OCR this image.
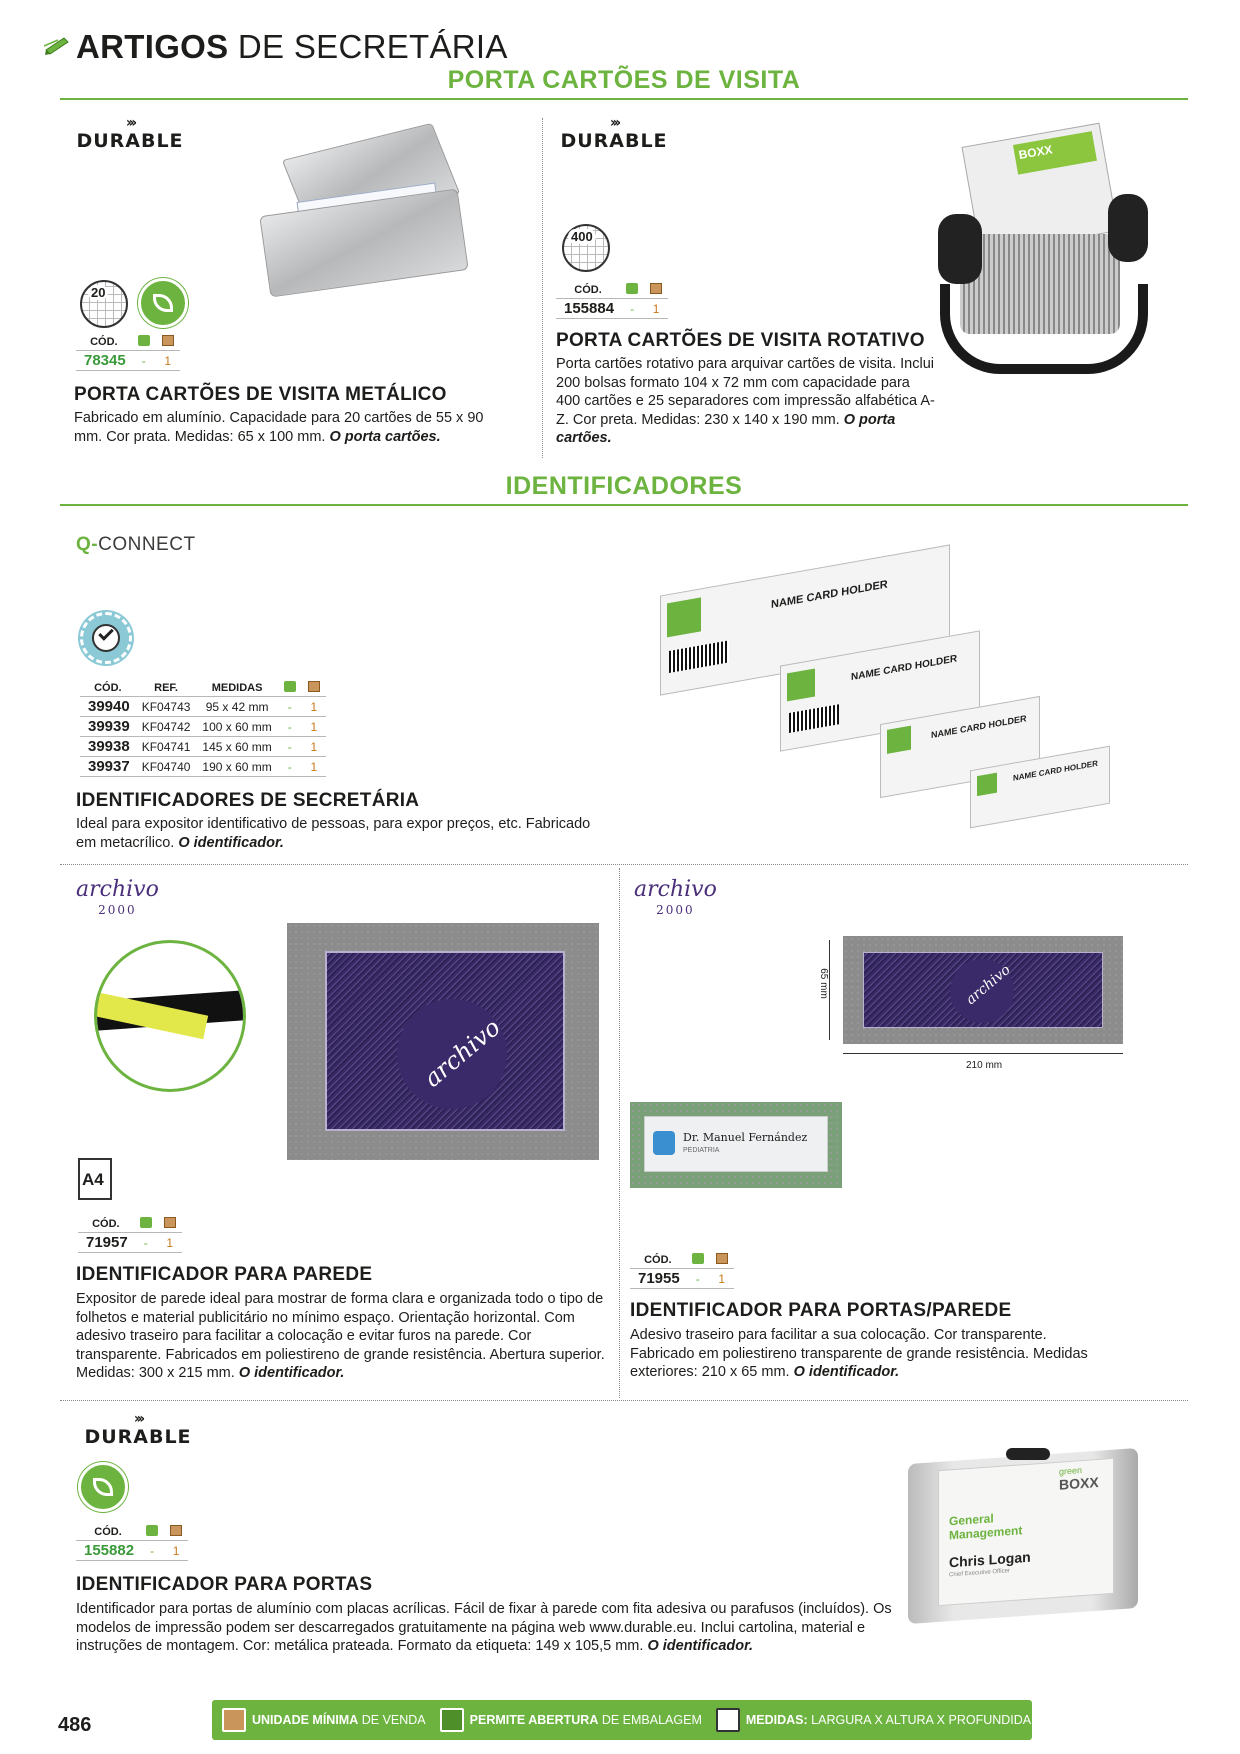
ARTIGOS DE SECRETÁRIA
PORTA CARTÕES DE VISITA
›››
DURABLE
20
CÓD.		
78345	-	1
PORTA CARTÕES DE VISITA METÁLICO
Fabricado em alumínio. Capacidade para 20 cartões de 55 x 90 mm. Cor prata. Medidas: 65 x 100 mm. O porta cartões.
›››
DURABLE
400
CÓD.		
155884	-	1
BOXX
PORTA CARTÕES DE VISITA ROTATIVO
Porta cartões rotativo para arquivar cartões de visita. Inclui 200 bolsas formato 104 x 72 mm com capacidade para 400 cartões e 25 separadores com impressão alfabética A-Z. Cor preta. Medidas: 230 x 140 x 190 mm. O porta cartões.
IDENTIFICADORES
Q-CONNECT
CÓD.	REF.	MEDIDAS		
39940	KF04743	95 x 42 mm	-	1
39939	KF04742	100 x 60 mm	-	1
39938	KF04741	145 x 60 mm	-	1
39937	KF04740	190 x 60 mm	-	1
NAME CARD HOLDER
NAME CARD HOLDER
NAME CARD HOLDER
NAME CARD HOLDER
IDENTIFICADORES DE SECRETÁRIA
Ideal para expositor identificativo de pessoas, para expor preços, etc. Fabricado em metacrílico. O identificador.
archivo
2000
archivo
A4
CÓD.		
71957	-	1
IDENTIFICADOR PARA PAREDE
Expositor de parede ideal para mostrar de forma clara e organizada todo o tipo de folhetos e material publicitário no mínimo espaço. Orientação horizontal. Com adesivo traseiro para facilitar a colocação e evitar furos na parede. Cor transparente. Fabricados em poliestireno de grande resistência. Abertura superior. Medidas: 300 x 215 mm. O identificador.
archivo
2000
archivo
65 mm
210 mm
Dr. Manuel Fernández
PEDIATRIA
CÓD.		
71955	-	1
IDENTIFICADOR PARA PORTAS/PAREDE
Adesivo traseiro para facilitar a sua colocação. Cor transparente. Fabricado em poliestireno transparente de grande resistência. Medidas exteriores: 210 x 65 mm. O identificador.
›››
DURABLE
CÓD.		
155882	-	1
green
BOXX
General Management
Chris Logan
Chief Executive Officer
IDENTIFICADOR PARA PORTAS
Identificador para portas de alumínio com placas acrílicas. Fácil de fixar à parede com fita adesiva ou parafusos (incluídos). Os modelos de impressão podem ser descarregados gratuitamente na página web www.durable.eu. Inclui cartolina, material e instruções de montagem. Cor: metálica prateada. Formato da etiqueta: 149 x 105,5 mm. O identificador.
486	UNIDADE MÍNIMA DE VENDA	PERMITE ABERTURA DE EMBALAGEM	MEDIDAS: LARGURA X ALTURA X PROFUNDIDADE
